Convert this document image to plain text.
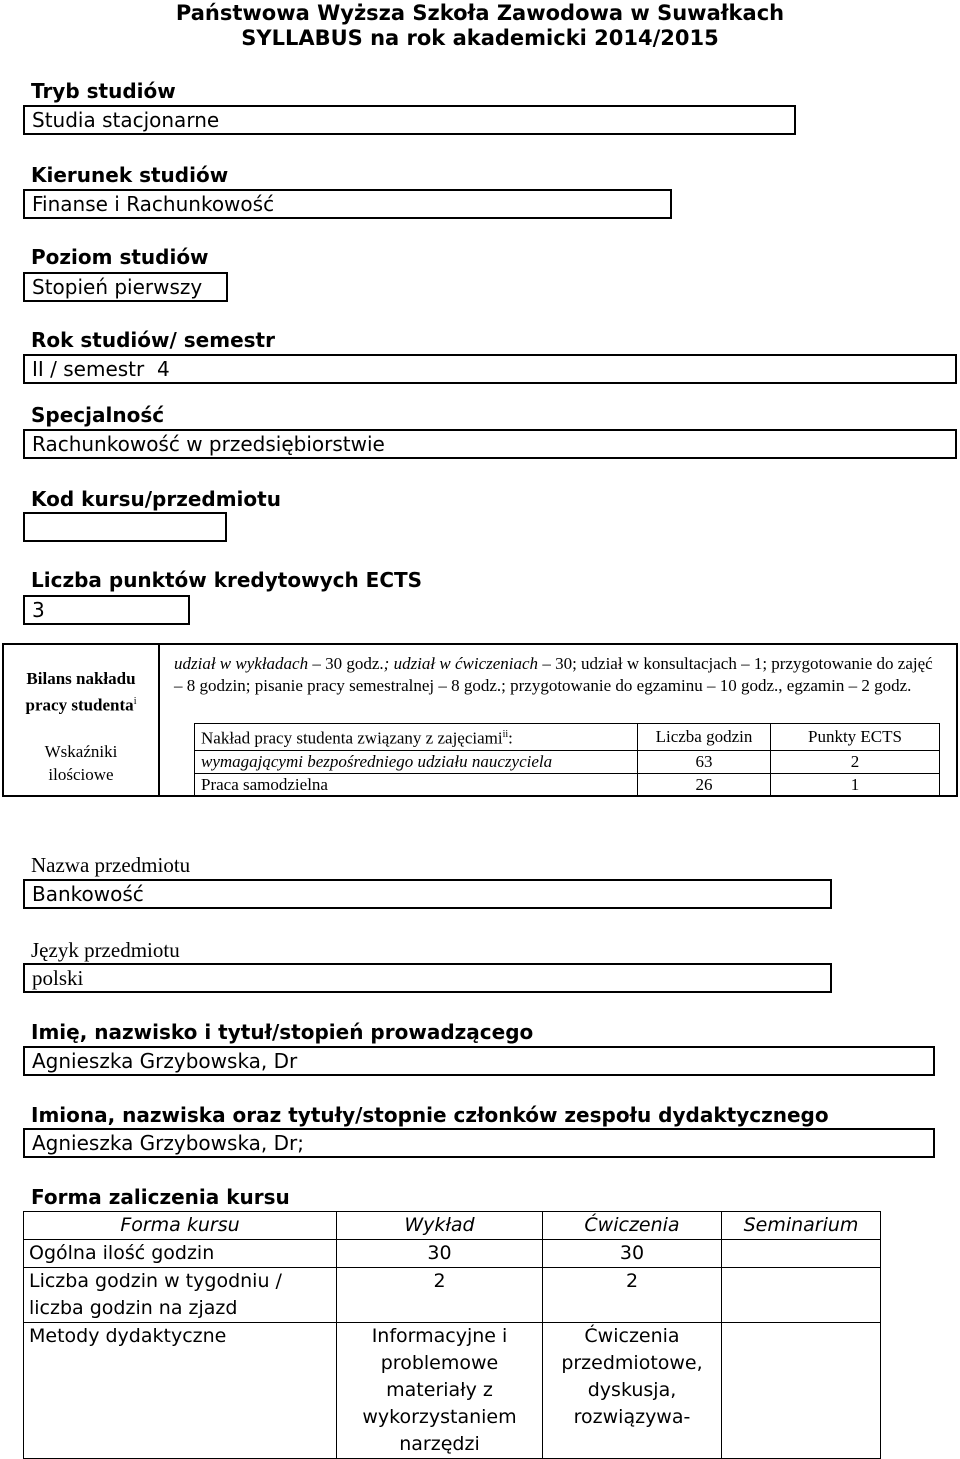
Państwowa Wyższa Szkoła Zawodowa w Suwałkach
SYLLABUS na rok akademicki 2014/2015
Tryb studiów
Studia stacjonarne
Kierunek studiów
Finanse i Rachunkowość
Poziom studiów
Stopień pierwszy
Rok studiów/ semestr
II / semestr  4
Specjalność
Rachunkowość w przedsiębiorstwie
Kod kursu/przedmiotu
Liczba punktów kredytowych ECTS
3
Bilans nakładu pracy studenta$^i$
Wskaźniki ilościowe
udział w wykładach – 30 godz.; udział w ćwiczeniach – 30; udział w konsultacjach – 1; przygotowanie do zajęć – 8 godzin; pisanie pracy semestralnej – 8 godz.; przygotowanie do egzaminu – 10 godz., egzamin – 2 godz.
Nakład pracy studenta związany z zajęciami$^{ii}$:	Liczba godzin	Punkty ECTS
wymagającymi bezpośredniego udziału nauczyciela	63	2
Praca samodzielna	26	1
Nazwa przedmiotu
Bankowość
Język przedmiotu
polski
Imię, nazwisko i tytuł/stopień prowadzącego
Agnieszka Grzybowska, Dr
Imiona, nazwiska oraz tytuły/stopnie członków zespołu dydaktycznego
Agnieszka Grzybowska, Dr;
Forma zaliczenia kursu
Forma kursu	Wykład	Ćwiczenia	Seminarium
Ogólna ilość godzin	30	30	
Liczba godzin w tygodniu / liczba godzin na zjazd	2	2	
Metody dydaktyczne	Informacyjne i problemowe materiały z wykorzystaniem narzędzi	Ćwiczenia przedmiotowe, dyskusja, rozwiązywa-	
